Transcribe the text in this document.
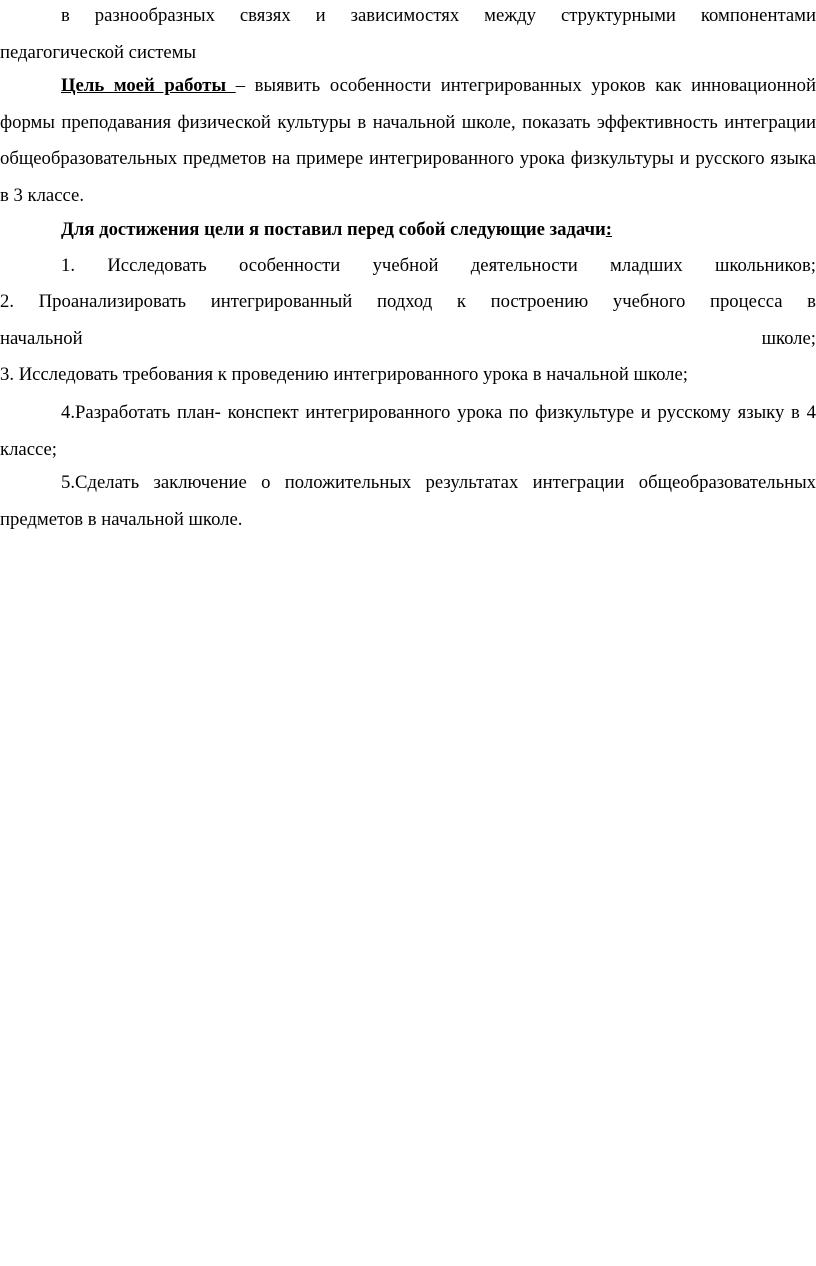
в разнообразных связях и зависимостях между структурными компонентами

педагогической системы

Цель моей работы – выявить особенности интегрированных уроков как инновационной формы преподавания физической культуры в начальной школе, показать эффективность интеграции общеобразовательных предметов на примере интегрированного урока физкультуры и русского языка в 3 классе.

Для достижения цели я поставил перед собой следующие задачи:

1. Исследовать особенности учебной деятельности младших школьников;

2. Проанализировать интегрированный подход к построению учебного процесса в

начальной	школе;

3. Исследовать требования к проведению интегрированного урока в начальной школе;

4.Разработать план- конспект интегрированного урока по физкультуре и русскому языку в 4 классе;

5.Сделать заключение о положительных результатах интеграции общеобразовательных предметов в начальной школе.
